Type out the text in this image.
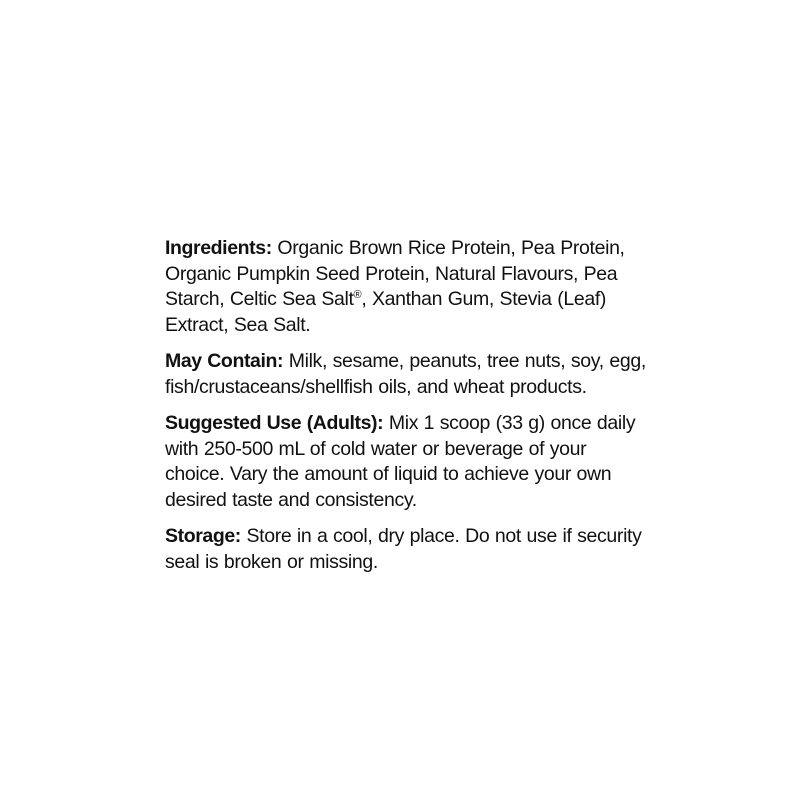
Ingredients: Organic Brown Rice Protein, Pea Protein,
Organic Pumpkin Seed Protein, Natural Flavours, Pea
Starch, Celtic Sea Salt®, Xanthan Gum, Stevia (Leaf)
Extract, Sea Salt.
May Contain: Milk, sesame, peanuts, tree nuts, soy, egg,
fish/crustaceans/shellfish oils, and wheat products.
Suggested Use (Adults): Mix 1 scoop (33 g) once daily
with 250-500 mL of cold water or beverage of your
choice. Vary the amount of liquid to achieve your own
desired taste and consistency.
Storage: Store in a cool, dry place. Do not use if security
seal is broken or missing.
